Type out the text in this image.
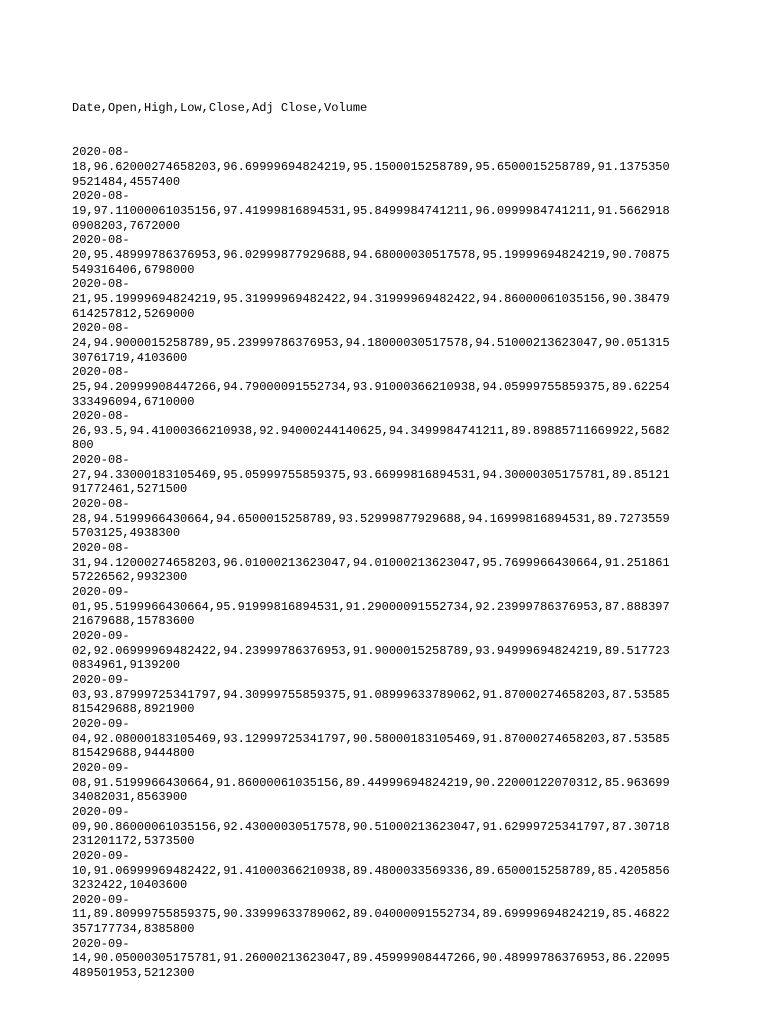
Date,Open,High,Low,Close,Adj Close,Volume

2020-08-
18,96.62000274658203,96.69999694824219,95.1500015258789,95.6500015258789,91.1375350
9521484,4557400
2020-08-
19,97.11000061035156,97.41999816894531,95.8499984741211,96.0999984741211,91.5662918
0908203,7672000
2020-08-
20,95.48999786376953,96.02999877929688,94.68000030517578,95.19999694824219,90.70875
549316406,6798000
2020-08-
21,95.19999694824219,95.31999969482422,94.31999969482422,94.86000061035156,90.38479
614257812,5269000
2020-08-
24,94.9000015258789,95.23999786376953,94.18000030517578,94.51000213623047,90.051315
30761719,4103600
2020-08-
25,94.20999908447266,94.79000091552734,93.91000366210938,94.05999755859375,89.62254
333496094,6710000
2020-08-
26,93.5,94.41000366210938,92.94000244140625,94.3499984741211,89.89885711669922,5682
800
2020-08-
27,94.33000183105469,95.05999755859375,93.66999816894531,94.30000305175781,89.85121
91772461,5271500
2020-08-
28,94.5199966430664,94.6500015258789,93.52999877929688,94.16999816894531,89.7273559
5703125,4938300
2020-08-
31,94.12000274658203,96.01000213623047,94.01000213623047,95.7699966430664,91.251861
57226562,9932300
2020-09-
01,95.5199966430664,95.91999816894531,91.29000091552734,92.23999786376953,87.888397
21679688,15783600
2020-09-
02,92.06999969482422,94.23999786376953,91.9000015258789,93.94999694824219,89.517723
0834961,9139200
2020-09-
03,93.87999725341797,94.30999755859375,91.08999633789062,91.87000274658203,87.53585
815429688,8921900
2020-09-
04,92.08000183105469,93.12999725341797,90.58000183105469,91.87000274658203,87.53585
815429688,9444800
2020-09-
08,91.5199966430664,91.86000061035156,89.44999694824219,90.22000122070312,85.963699
34082031,8563900
2020-09-
09,90.86000061035156,92.43000030517578,90.51000213623047,91.62999725341797,87.30718
231201172,5373500
2020-09-
10,91.06999969482422,91.41000366210938,89.4800033569336,89.6500015258789,85.4205856
3232422,10403600
2020-09-
11,89.80999755859375,90.33999633789062,89.04000091552734,89.69999694824219,85.46822
357177734,8385800
2020-09-
14,90.05000305175781,91.26000213623047,89.45999908447266,90.48999786376953,86.22095
489501953,5212300
